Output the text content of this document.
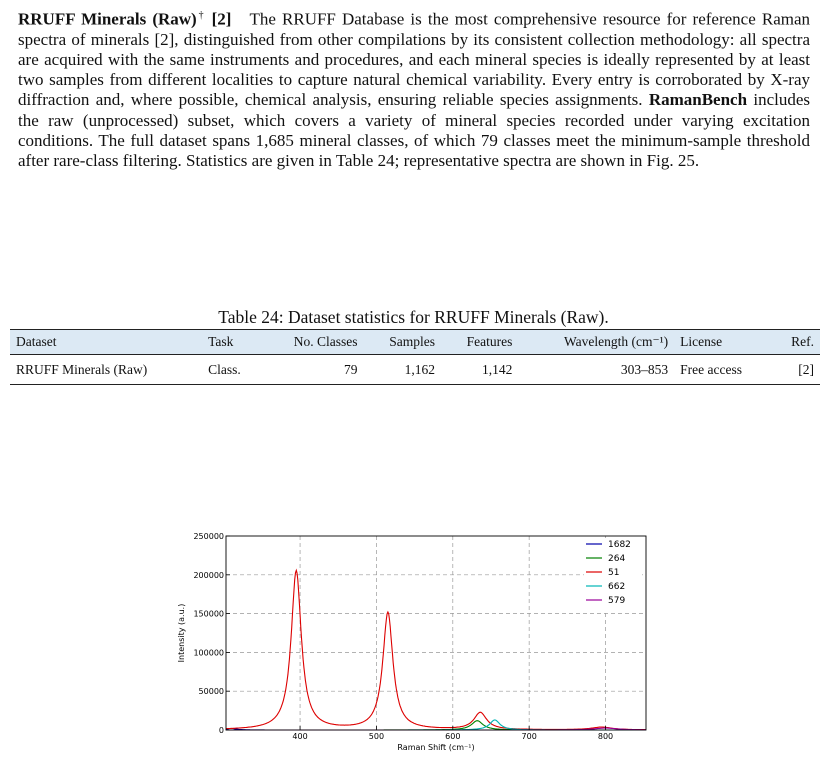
RRUFF Minerals (Raw)† [2] The RRUFF Database is the most comprehensive resource for reference Raman spectra of minerals [2], distinguished from other compilations by its consistent collection methodology: all spectra are acquired with the same instruments and procedures, and each mineral species is ideally represented by at least two samples from different localities to capture natural chemical variability. Every entry is corroborated by X-ray diffraction and, where possible, chemical analysis, ensuring reliable species assignments. RamanBench includes the raw (unprocessed) subset, which covers a variety of mineral species recorded under varying excitation conditions. The full dataset spans 1,685 mineral classes, of which 79 classes meet the minimum-sample threshold after rare-class filtering. Statistics are given in Table 24; representative spectra are shown in Fig. 25.
Table 24: Dataset statistics for RRUFF Minerals (Raw).
Dataset	Task	No. Classes	Samples	Features	Wavelength (cm⁻¹)	License	Ref.
RRUFF Minerals (Raw)	Class.	79	1,162	1,142	303–853	Free access	[2]
400	500	600	700	800
0
50000
100000
150000
200000
250000
Raman Shift (cm⁻¹)
Intensity (a.u.)
1682
264
51
662
579
